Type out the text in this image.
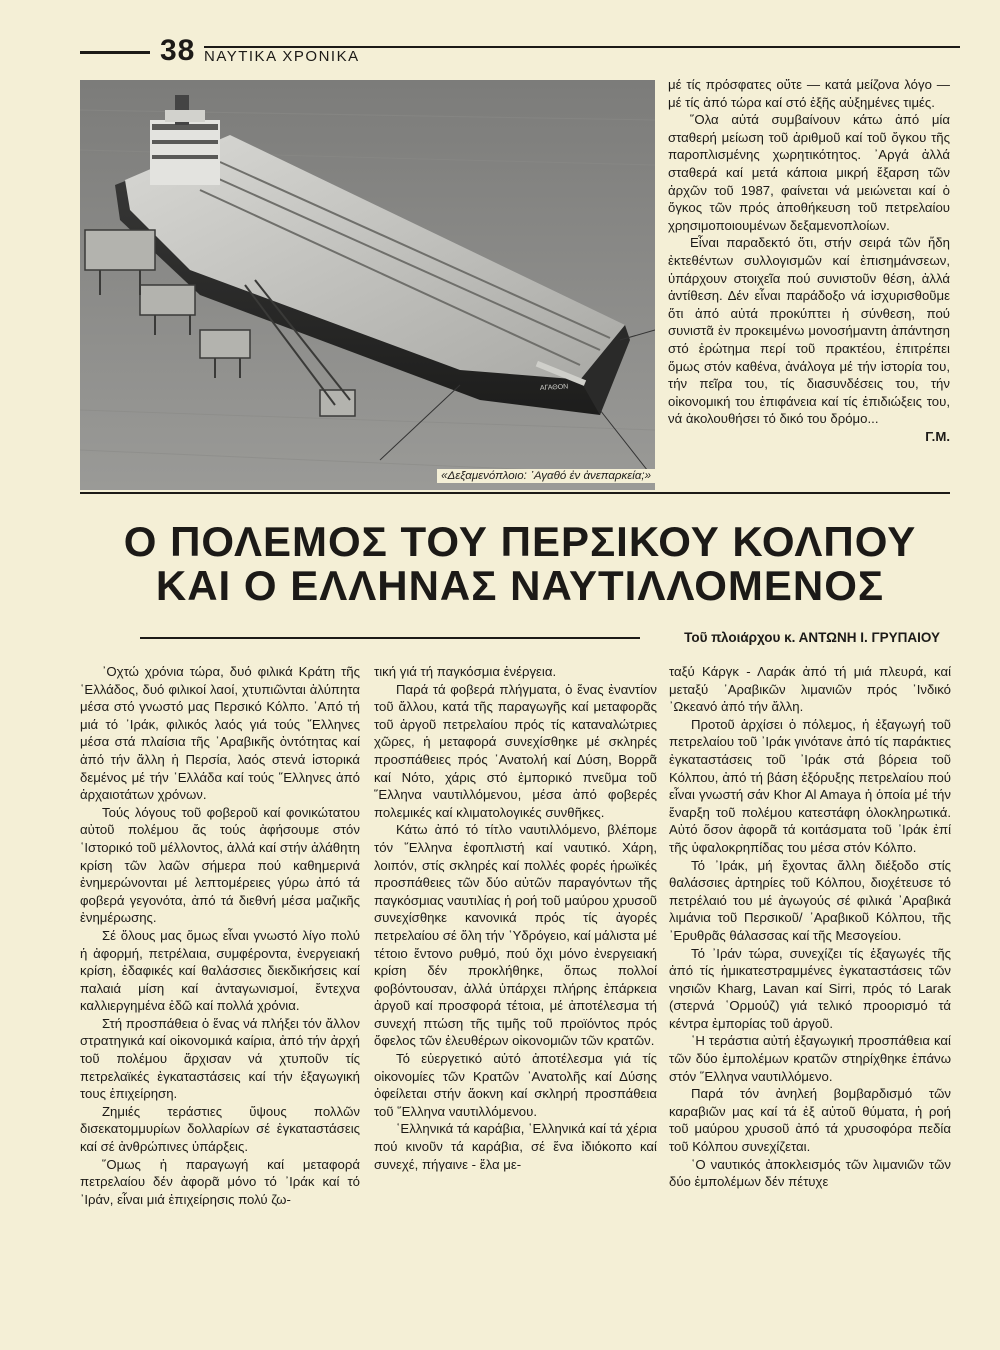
38 ΝΑΥΤΙΚΑ ΧΡΟΝΙΚΑ
ΑΓΑΘΟΝ
«Δεξαμενόπλοιο: ᾽Αγαθό ἐν ἀνεπαρκεία;»

μέ τίς πρόσφατες οὔτε — κατά μείζονα λόγο — μέ τίς ἀπό τώρα καί στό ἑξῆς αὐξημένες τιμές.

῞Ολα αὐτά συμβαίνουν κάτω ἀπό μία σταθερή μείωση τοῦ ἀριθμοῦ καί τοῦ ὄγκου τῆς παροπλισμένης χωρητικότητος. ᾽Αργά ἀλλά σταθερά καί μετά κάποια μικρή ἔξαρση τῶν ἀρχῶν τοῦ 1987, φαίνεται νά μειώνεται καί ὁ ὄγκος τῶν πρός ἀποθήκευση τοῦ πετρελαίου χρησιμοποιουμένων δεξαμενοπλοίων.

Εἶναι παραδεκτό ὅτι, στήν σειρά τῶν ἤδη ἐκτεθέντων συλλογισμῶν καί ἐπισημάνσεων, ὑπάρχουν στοιχεῖα πού συνιστοῦν θέση, ἀλλά ἀντίθεση. Δέν εἶναι παράδοξο νά ἰσχυρισθοῦμε ὅτι ἀπό αὐτά προκύπτει ἡ σύνθεση, πού συνιστᾶ ἐν προκειμένω μονοσήμαντη ἀπάντηση στό ἐρώτημα περί τοῦ πρακτέου, ἐπιτρέπει ὅμως στόν καθένα, ἀνάλογα μέ τήν ἱστορία του, τήν πεῖρα του, τίς διασυνδέσεις του, τήν οἰκονομική του ἐπιφάνεια καί τίς ἐπιδιώξεις του, νά ἀκολουθήσει τό δικό του δρόμο...

Γ.Μ.
Ο ΠΟΛΕΜΟΣ ΤΟΥ ΠΕΡΣΙΚΟΥ ΚΟΛΠΟΥ
ΚΑΙ Ο ΕΛΛΗΝΑΣ ΝΑΥΤΙΛΛΟΜΕΝΟΣ
Τοῦ πλοιάρχου κ. ΑΝΤΩΝΗ Ι. ΓΡΥΠΑΙΟΥ

᾽Οχτώ χρόνια τώρα, δυό φιλικά Κράτη τῆς ῾Ελλάδος, δυό φιλικοί λαοί, χτυπιῶνται ἀλύπητα μέσα στό γνωστό μας Περσικό Κόλπο. ᾽Από τή μιά τό ᾽Ιράκ, φιλικός λαός γιά τούς ῞Ελληνες μέσα στά πλαίσια τῆς ᾽Αραβικῆς ὀντότητας καί ἀπό τήν ἄλλη ἡ Περσία, λαός στενά ἱστορικά δεμένος μέ τήν ῾Ελλάδα καί τούς ῞Ελληνες ἀπό ἀρχαιοτάτων χρόνων.

Τούς λόγους τοῦ φοβεροῦ καί φονικώτατου αὐτοῦ πολέμου ἄς τούς ἀφήσουμε στόν ῾Ιστορικό τοῦ μέλλοντος, ἀλλά καί στήν ἀλάθητη κρίση τῶν λαῶν σήμερα πού καθημερινά ἐνημερώνονται μέ λεπτομέρειες γύρω ἀπό τά φοβερά γεγονότα, ἀπό τά διεθνή μέσα μαζικῆς ἐνημέρωσης.

Σέ ὅλους μας ὅμως εἶναι γνωστό λίγο πολύ ἡ ἀφορμή, πετρέλαια, συμφέροντα, ἐνεργειακή κρίση, ἐδαφικές καί θαλάσσιες διεκδικήσεις καί παλαιά μίση καί ἀνταγωνισμοί, ἔντεχνα καλλιεργημένα ἐδῶ καί πολλά χρόνια.

Στή προσπάθεια ὁ ἕνας νά πλήξει τόν ἄλλον στρατηγικά καί οἰκονομικά καίρια, ἀπό τήν ἀρχή τοῦ πολέμου ἄρχισαν νά χτυποῦν τίς πετρελαϊκές ἐγκαταστάσεις καί τήν ἐξαγωγική τους ἐπιχείρηση.

Ζημιές τεράστιες ὕψους πολλῶν δισεκατομμυρίων δολλαρίων σέ ἐγκαταστάσεις καί σέ ἀνθρώπινες ὑπάρξεις.

῞Ομως ἡ παραγωγή καί μεταφορά πετρελαίου δέν ἀφορᾶ μόνο τό ᾽Ιράκ καί τό ᾽Ιράν, εἶναι μιά ἐπιχείρησις πολύ ζω-

τική γιά τή παγκόσμια ἐνέργεια.

Παρά τά φοβερά πλήγματα, ὁ ἕνας ἐναντίον τοῦ ἄλλου, κατά τῆς παραγωγῆς καί μεταφορᾶς τοῦ ἀργοῦ πετρελαίου πρός τίς καταναλώτριες χῶρες, ἡ μεταφορά συνεχίσθηκε μέ σκληρές προσπάθειες πρός ᾽Ανατολή καί Δύση, Βορρᾶ καί Νότο, χάρις στό ἐμπορικό πνεῦμα τοῦ ῞Ελληνα ναυτιλλόμενου, μέσα ἀπό φοβερές πολεμικές καί κλιματολογικές συνθῆκες.

Κάτω ἀπό τό τίτλο ναυτιλλόμενο, βλέπομε τόν ῞Ελληνα ἐφοπλιστή καί ναυτικό. Χάρη, λοιπόν, στίς σκληρές καί πολλές φορές ἡρωϊκές προσπάθειες τῶν δύο αὐτῶν παραγόντων τῆς παγκόσμιας ναυτιλίας ἡ ροή τοῦ μαύρου χρυσοῦ συνεχίσθηκε κανονικά πρός τίς ἀγορές πετρελαίου σέ ὅλη τήν ῾Υδρόγειο, καί μάλιστα μέ τέτοιο ἔντονο ρυθμό, πού ὄχι μόνο ἐνεργειακή κρίση δέν προκλήθηκε, ὅπως πολλοί φοβόντουσαν, ἀλλά ὑπάρχει πλήρης ἐπάρκεια ἀργοῦ καί προσφορά τέτοια, μέ ἀποτέλεσμα τή συνεχή πτώση τῆς τιμῆς τοῦ προϊόντος πρός ὄφελος τῶν ἐλευθέρων οἰκονομιῶν τῶν κρατῶν.

Τό εὐεργετικό αὐτό ἀποτέλεσμα γιά τίς οἰκονομίες τῶν Κρατῶν ᾽Ανατολῆς καί Δύσης ὀφείλεται στήν ἄοκνη καί σκληρή προσπάθεια τοῦ ῞Ελληνα ναυτιλλόμενου.

῾Ελληνικά τά καράβια, ῾Ελληνικά καί τά χέρια πού κινοῦν τά καράβια, σέ ἕνα ἰδιόκοπο καί συνεχέ, πήγαινε - ἔλα με-

ταξύ Κάργκ - Λαράκ ἀπό τή μιά πλευρά, καί μεταξύ ᾽Αραβικῶν λιμανιῶν πρός ᾽Ινδικό ᾽Ωκεανό ἀπό τήν ἄλλη.

Προτοῦ ἀρχίσει ὁ πόλεμος, ἡ ἐξαγωγή τοῦ πετρελαίου τοῦ ᾽Ιράκ γινότανε ἀπό τίς παράκτιες ἐγκαταστάσεις τοῦ ᾽Ιράκ στά βόρεια τοῦ Κόλπου, ἀπό τή βάση ἐξόρυξης πετρελαίου πού εἶναι γνωστή σάν Khor Al Amaya ἡ ὁποία μέ τήν ἔναρξη τοῦ πολέμου κατεστάφη ὁλοκληρωτικά. Αὐτό ὅσον ἀφορᾶ τά κοιτάσματα τοῦ ᾽Ιράκ ἐπί τῆς ὑφαλοκρηπίδας του μέσα στόν Κόλπο.

Τό ᾽Ιράκ, μή ἔχοντας ἄλλη διέξοδο στίς θαλάσσιες ἀρτηρίες τοῦ Κόλπου, διοχέτευσε τό πετρέλαιό του μέ ἀγωγούς σέ φιλικά ᾽Αραβικά λιμάνια τοῦ Περσικοῦ/ ᾽Αραβικοῦ Κόλπου, τῆς ᾽Ερυθρᾶς θάλασσας καί τῆς Μεσογείου.

Τό ᾽Ιράν τώρα, συνεχίζει τίς ἐξαγωγές τῆς ἀπό τίς ἡμικατεστραμμένες ἐγκαταστάσεις τῶν νησιῶν Kharg, Lavan καί Sirri, πρός τό Larak (στερνά ῾Ορμούζ) γιά τελικό προορισμό τά κέντρα ἐμπορίας τοῦ ἀργοῦ.

῾Η τεράστια αὐτή ἐξαγωγική προσπάθεια καί τῶν δύο ἐμπολέμων κρατῶν στηρίχθηκε ἐπάνω στόν ῞Ελληνα ναυτιλλόμενο.

Παρά τόν ἀνηλεή βομβαρδισμό τῶν καραβιῶν μας καί τά ἐξ αὐτοῦ θύματα, ἡ ροή τοῦ μαύρου χρυσοῦ ἀπό τά χρυσοφόρα πεδία τοῦ Κόλπου συνεχίζεται.

῾Ο ναυτικός ἀποκλεισμός τῶν λιμανιῶν τῶν δύο ἐμπολέμων δέν πέτυχε
